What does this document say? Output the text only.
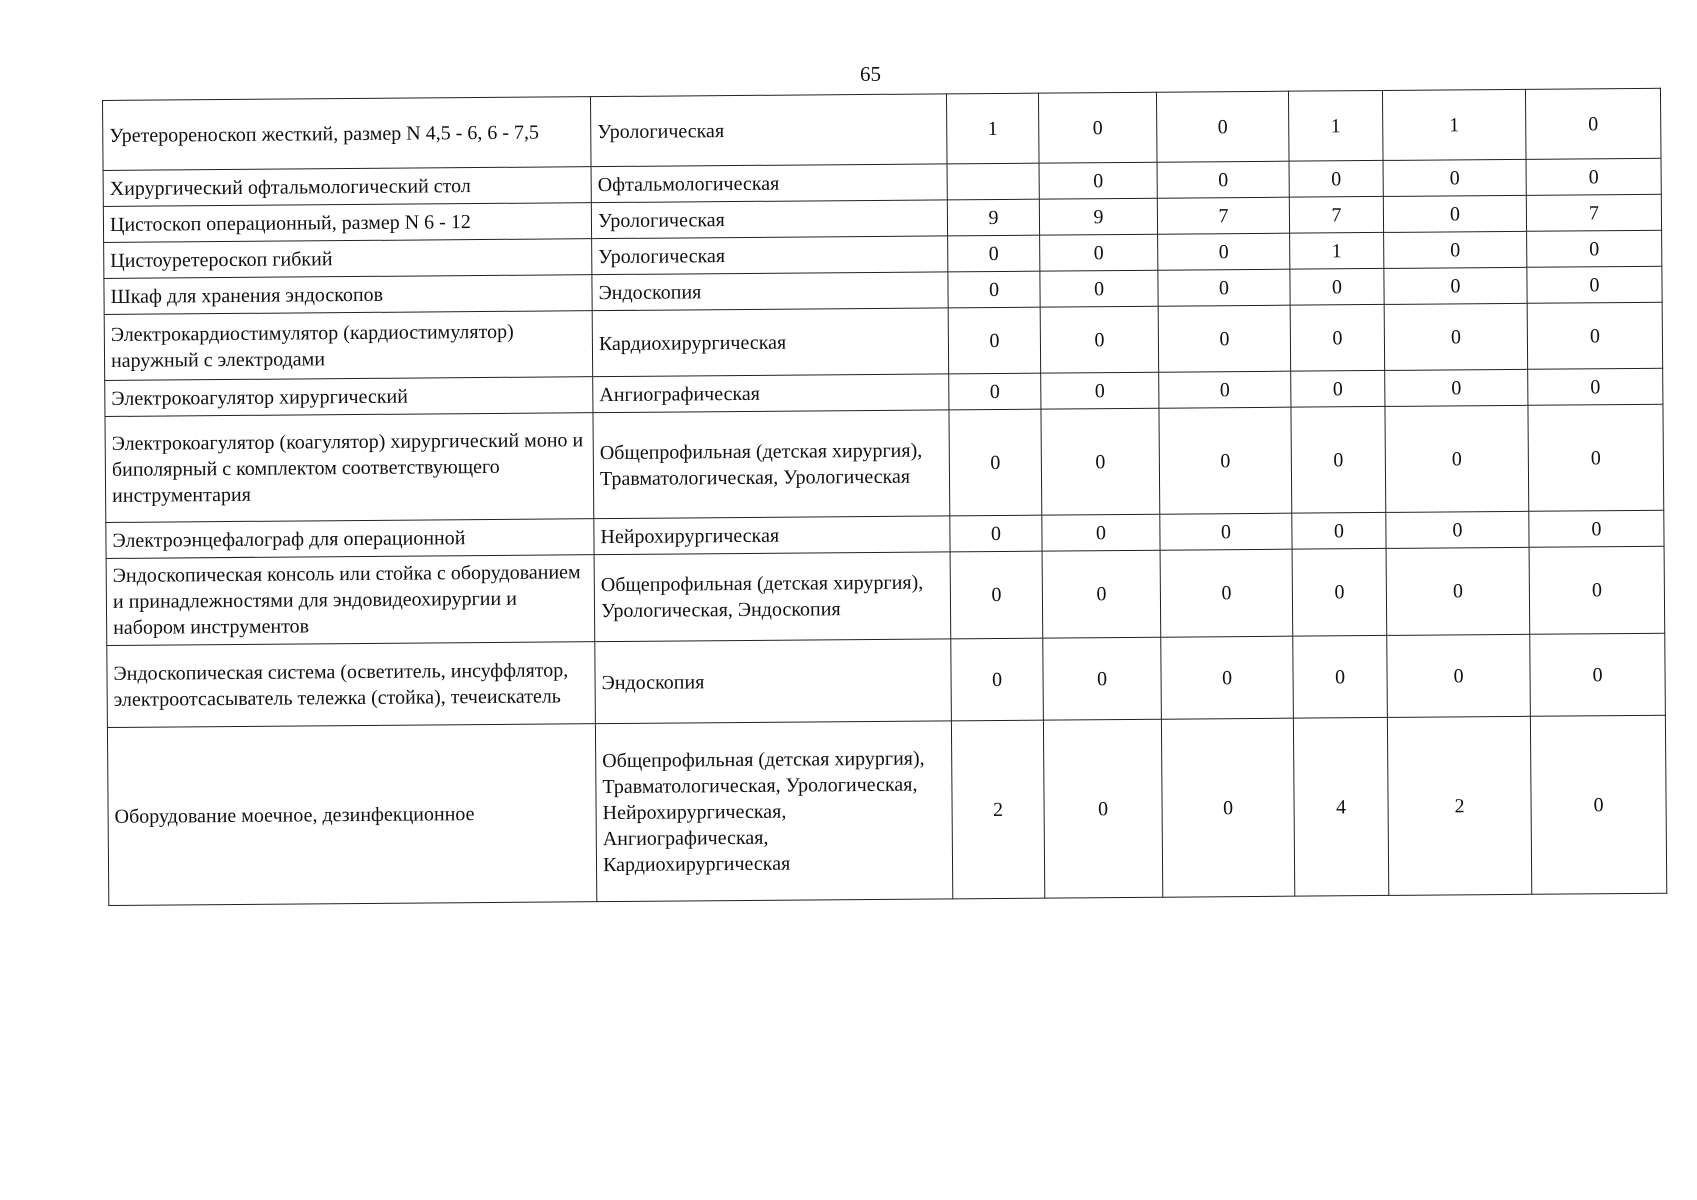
65
Уретерореноскоп жесткий, размер N 4,5 - 6, 6 - 7,5	Урологическая	1	0	0	1	1	0
Хирургический офтальмологический стол	Офтальмологическая		0	0	0	0	0
Цистоскоп операционный, размер N 6 - 12	Урологическая	9	9	7	7	0	7
Цистоуретероскоп гибкий	Урологическая	0	0	0	1	0	0
Шкаф для хранения эндоскопов	Эндоскопия	0	0	0	0	0	0
Электрокардиостимулятор (кардиостимулятор) наружный с электродами	Кардиохирургическая	0	0	0	0	0	0
Электрокоагулятор хирургический	Ангиографическая	0	0	0	0	0	0
Электрокоагулятор (коагулятор) хирургический моно и биполярный с комплектом соответствующего инструментария	Общепрофильная (детская хирургия), Травматологическая, Урологическая	0	0	0	0	0	0
Электроэнцефалограф для операционной	Нейрохирургическая	0	0	0	0	0	0
Эндоскопическая консоль или стойка с оборудованием и принадлежностями для эндовидеохирургии и набором инструментов	Общепрофильная (детская хирургия), Урологическая, Эндоскопия	0	0	0	0	0	0
Эндоскопическая система (осветитель, инсуффлятор, электроотсасыватель тележка (стойка), течеискатель	Эндоскопия	0	0	0	0	0	0
Оборудование моечное, дезинфекционное	Общепрофильная (детская хирургия), Травматологическая, Урологическая, Нейрохирургическая, Ангиографическая, Кардиохирургическая	2	0	0	4	2	0
